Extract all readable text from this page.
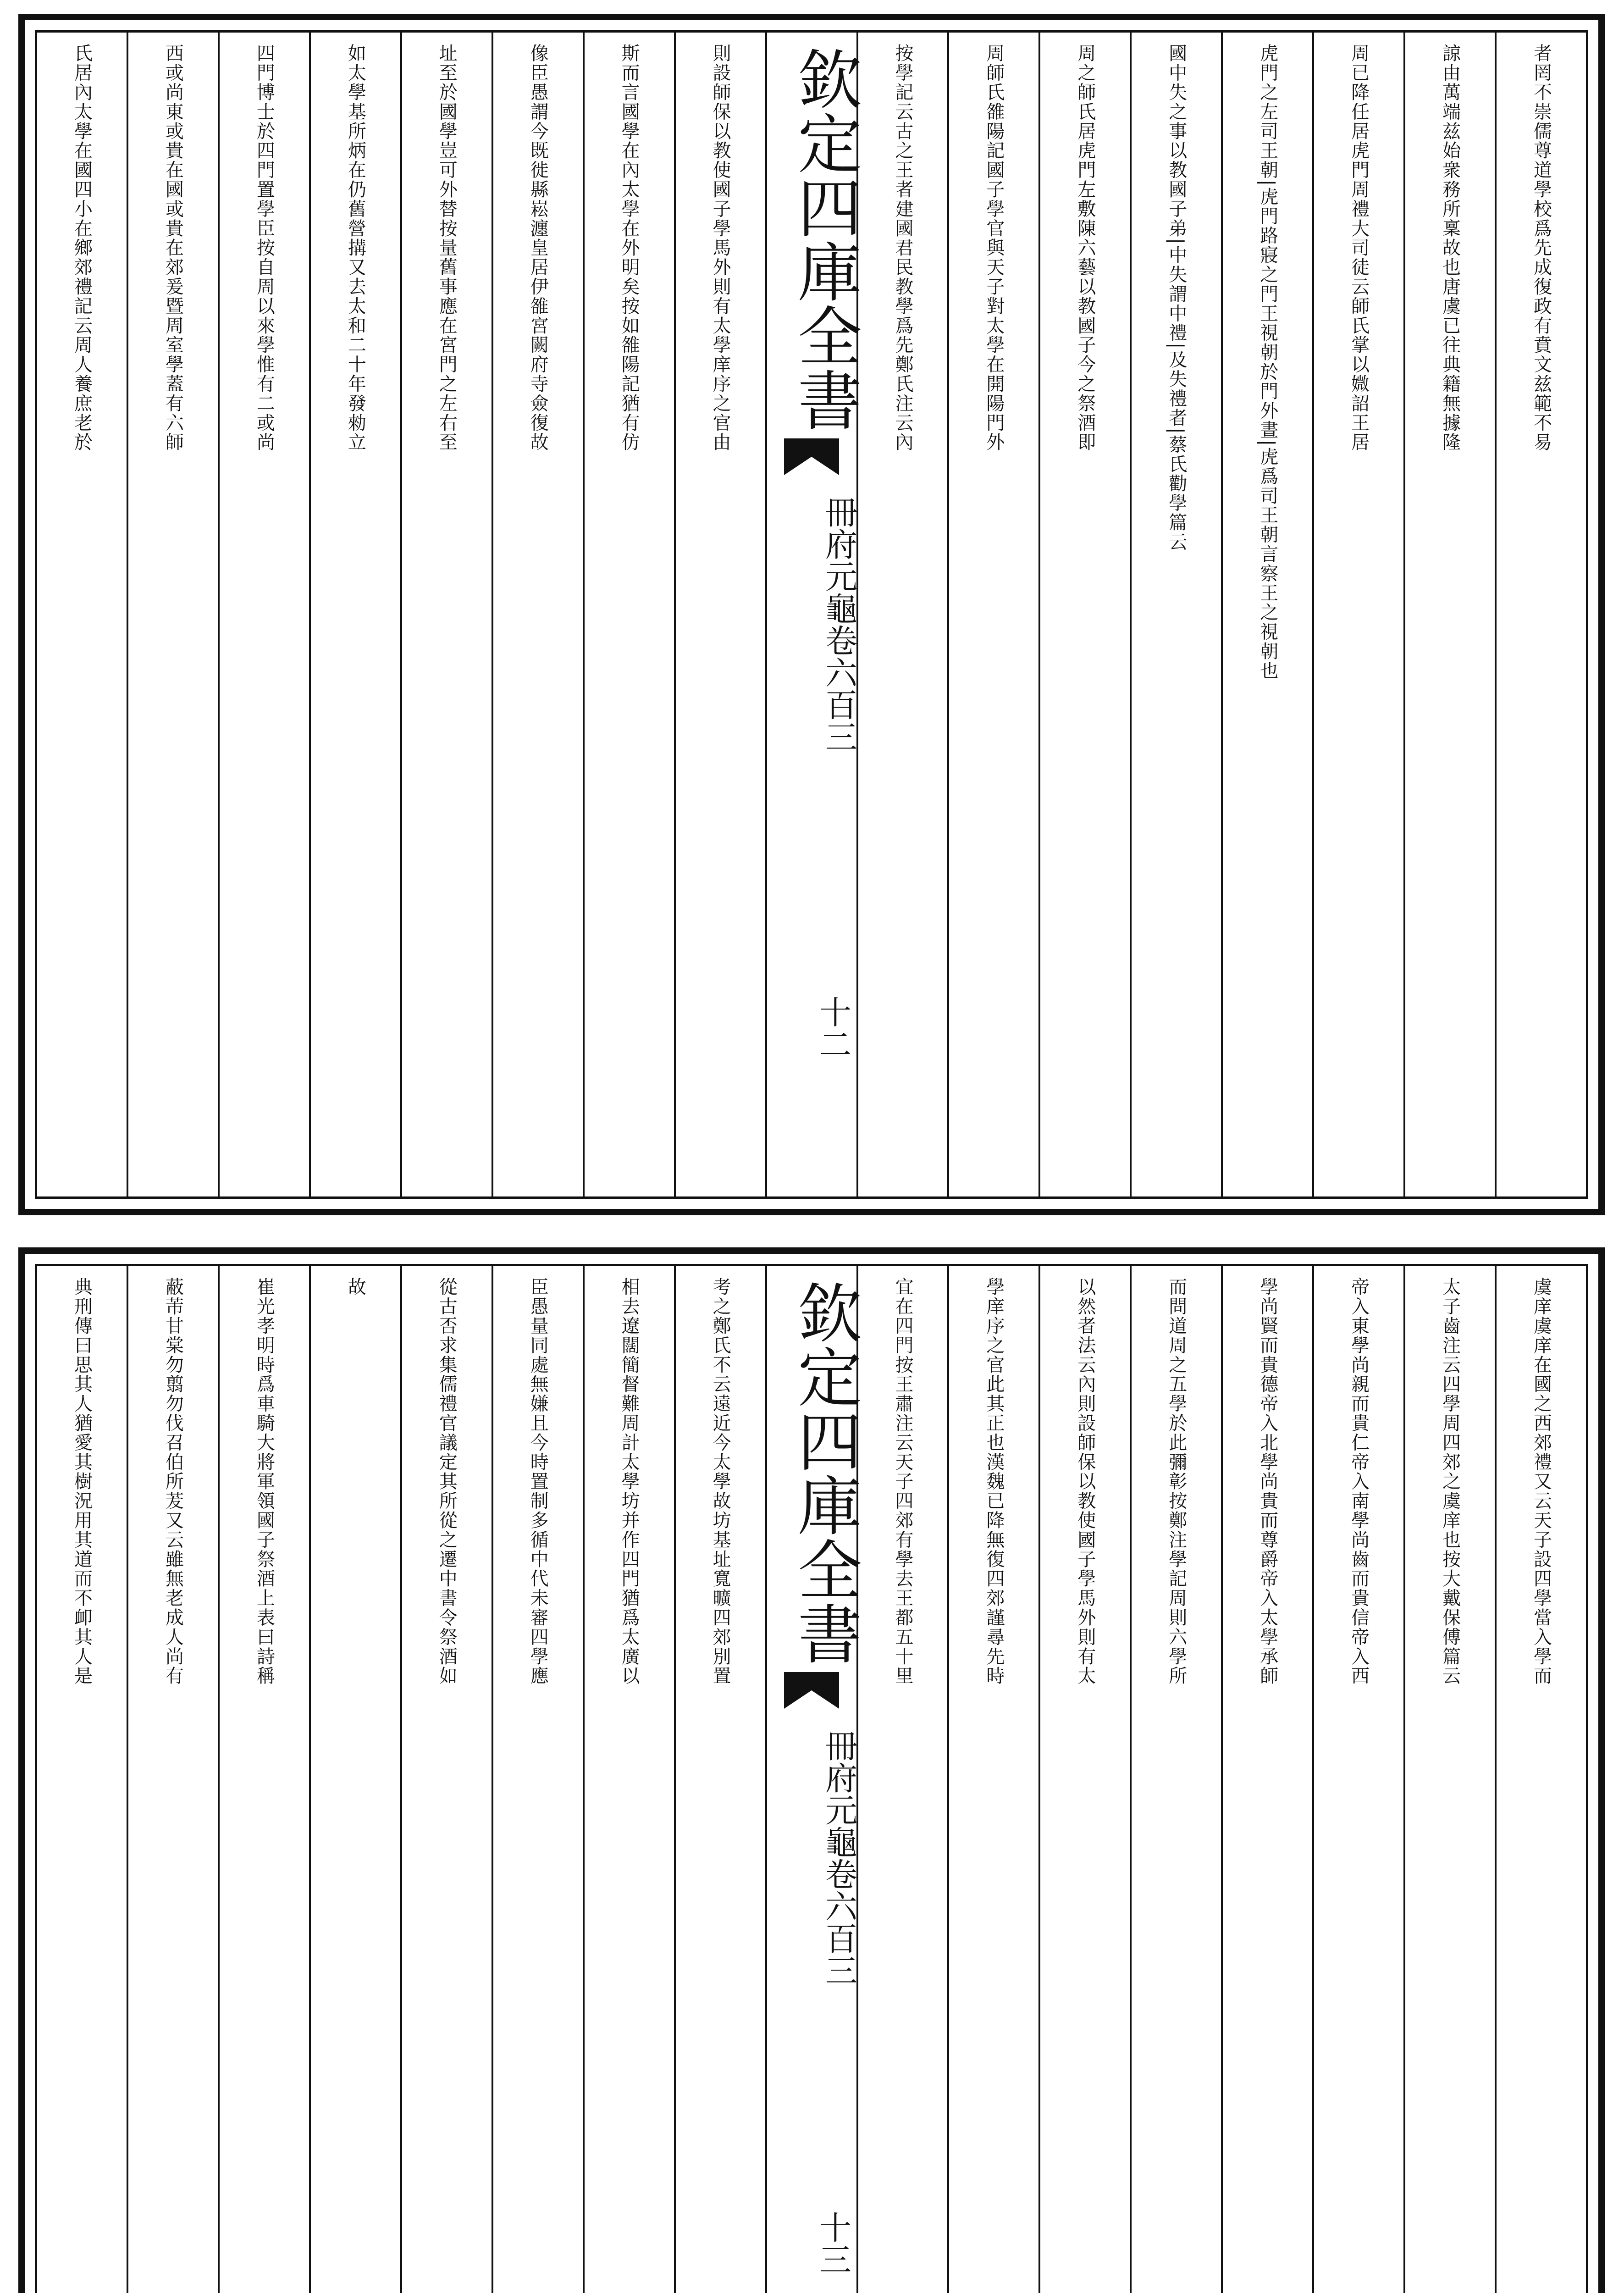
者罔不崇儒尊道學校爲先成復政有賁文兹範不易
諒由萬端兹始衆務所稟故也唐虞已往典籍無據隆
周已降任居虎門周禮大司徒云師氏掌以媺詔王居
虎門之左司王朝|虎門路寢之門王視朝於門外晝|虎爲司王朝言察王之視朝也
國中失之事以教國子弟|中失謂中禮|及失禮者|蔡氏勸學篇云
周之師氏居虎門左敷陳六藝以教國子今之祭酒即
周師氏雒陽記國子學官與天子對太學在開陽門外
按學記云古之王者建國君民教學爲先鄭氏注云內
欽定四庫全書
冊府元龜
卷六百三
十二
則設師保以教使國子學馬外則有太學庠序之官由
斯而言國學在內太學在外明矣按如雒陽記猶有仿
像臣愚謂今既徙縣崧瀍皇居伊雒宮闕府寺僉復故
址至於國學豈可外替按量舊事應在宮門之左右至
如太學基所炳在仍舊營搆又去太和二十年發勑立
四門博士於四門置學臣按自周以來學惟有二或尚
西或尚東或貴在國或貴在郊爰暨周室學蓋有六師
氏居內太學在國四小在鄉郊禮記云周人養庶老於
虞庠虞庠在國之西郊禮又云天子設四學當入學而
太子齒注云四學周四郊之虞庠也按大戴保傅篇云
帝入東學尚親而貴仁帝入南學尚齒而貴信帝入西
學尚賢而貴德帝入北學尚貴而尊爵帝入太學承師
而問道周之五學於此彌彰按鄭注學記周則六學所
以然者法云內則設師保以教使國子學馬外則有太
學庠序之官此其正也漢魏已降無復四郊謹尋先時
宜在四門按王肅注云天子四郊有學去王都五十里
欽定四庫全書
冊府元龜
卷六百三
十三
考之鄭氏不云遠近今太學故坊基址寬曠四郊別置
相去遼闊簡督難周計太學坊并作四門猶爲太廣以
臣愚量同處無嫌且今時置制多循中代未審四學應
從古否求集儒禮官議定其所從之遷中書令祭酒如
故
崔光孝明時爲車騎大將軍領國子祭酒上表曰詩稱
蔽芾甘棠勿翦勿伐召伯所茇又云雖無老成人尚有
典刑傳曰思其人猶愛其樹況用其道而不卹其人是
